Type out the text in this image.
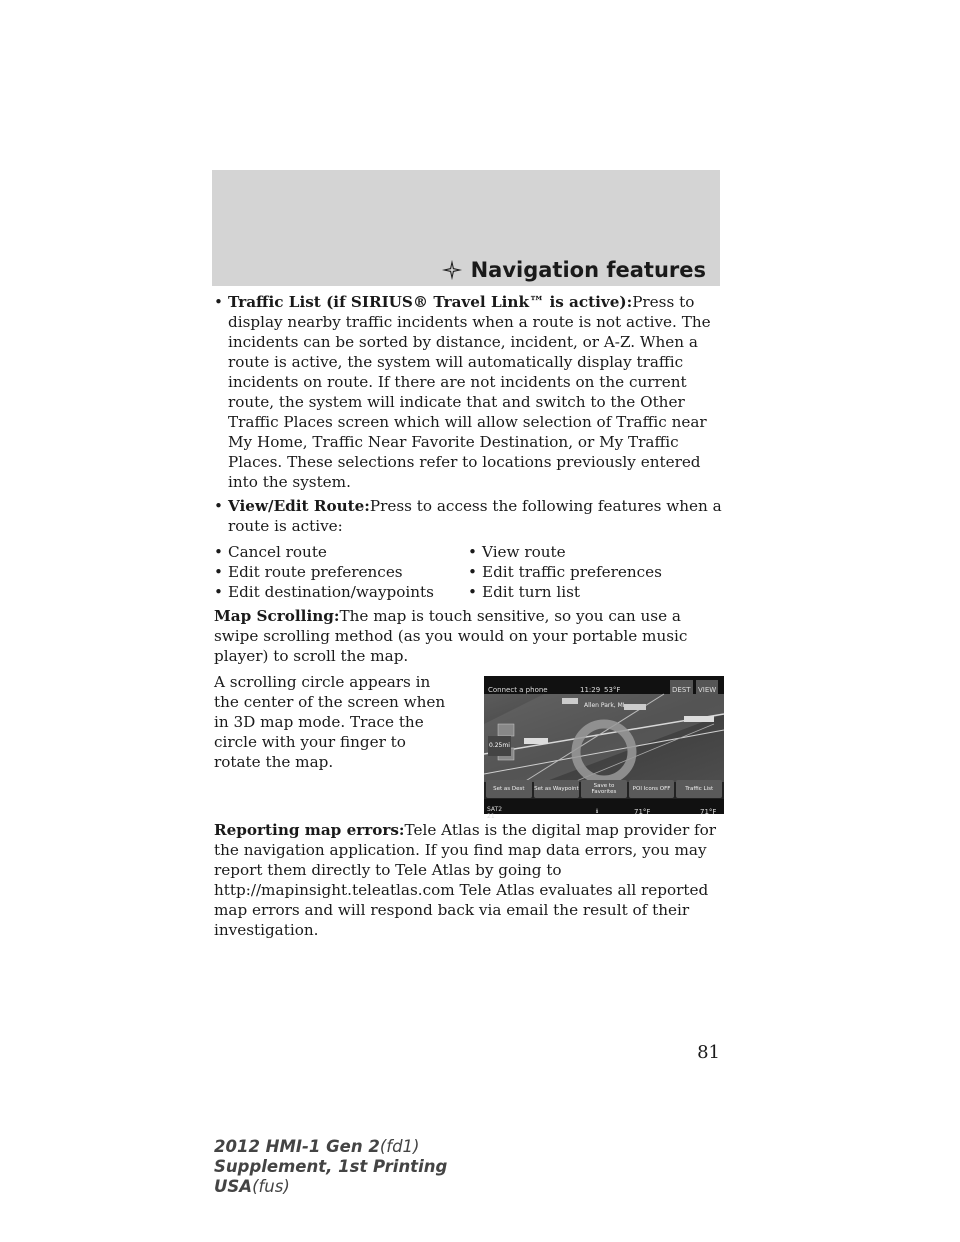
Navigation features
• Traffic List (if SIRIUS® Travel Link™ is active):Press to display nearby traffic incidents when a route is not active. The incidents can be sorted by distance, incident, or A-Z. When a route is active, the system will automatically display traffic incidents on route. If there are not incidents on the current route, the system will indicate that and switch to the Other Traffic Places screen which will allow selection of Traffic near My Home, Traffic Near Favorite Destination, or My Traffic Places. These selections refer to locations previously entered into the system.
• View/Edit Route:Press to access the following features when a route is active:
• Cancel route	• View route
• Edit route preferences	• Edit traffic preferences
• Edit destination/waypoints • Edit turn list

Map Scrolling:The map is touch sensitive, so you can use a swipe scrolling method (as you would on your portable music player) to scroll the map.

A scrolling circle appears in the center of the screen when in 3D map mode. Trace the circle with your finger to rotate the map.

Connect a phone	11:29 53°F	DEST VIEW
Allen Park, MI
0.25mi
Set as Dest	Set as Waypoint	Save to Favorites	POI Icons OFF	Traffic List
SAT2
21
ℹ	71°F	71°F

Reporting map errors:Tele Atlas is the digital map provider for the navigation application. If you find map data errors, you may report them directly to Tele Atlas by going to http://mapinsight.teleatlas.com Tele Atlas evaluates all reported map errors and will respond back via email the result of their investigation.

81
2012 HMI-1 Gen 2(fd1)
Supplement, 1st Printing
USA(fus)
